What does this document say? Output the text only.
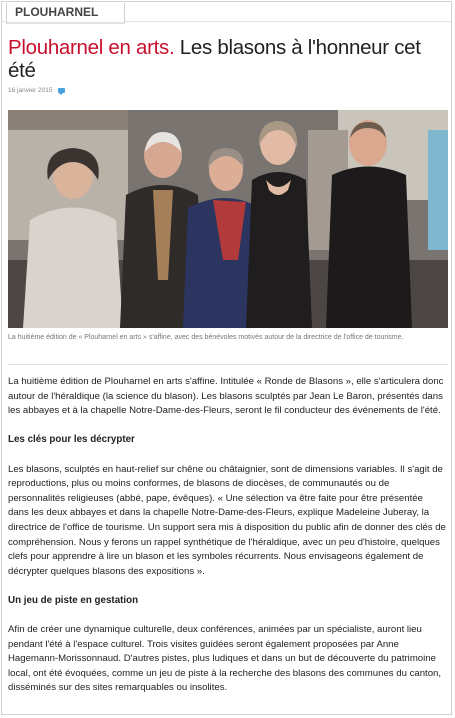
PLOUHARNEL
Plouharnel en arts. Les blasons à l'honneur cet été
16 janvier 2015
La huitième édition de « Plouharnel en arts » s'affine, avec des bénévoles motivés autour de la directrice de l'office de tourisme.

La huitième édition de Plouharnel en arts s'affine. Intitulée « Ronde de Blasons », elle s'articulera donc autour de l'héraldique (la science du blason). Les blasons sculptés par Jean Le Baron, présentés dans les abbayes et à la chapelle Notre-Dame-des-Fleurs, seront le fil conducteur des événements de l'été.

Les clés pour les décrypter

Les blasons, sculptés en haut-relief sur chêne ou châtaignier, sont de dimensions variables. Il s'agit de reproductions, plus ou moins conformes, de blasons de diocèses, de communautés ou de personnalités religieuses (abbé, pape, évêques). « Une sélection va être faite pour être présentée dans les deux abbayes et dans la chapelle Notre-Dame-des-Fleurs, explique Madeleine Juberay, la directrice de l'office de tourisme. Un support sera mis à disposition du public afin de donner des clés de compréhension. Nous y ferons un rappel synthétique de l'héraldique, avec un peu d'histoire, quelques clefs pour apprendre à lire un blason et les symboles récurrents. Nous envisageons également de décrypter quelques blasons des expositions ».

Un jeu de piste en gestation

Afin de créer une dynamique culturelle, deux conférences, animées par un spécialiste, auront lieu pendant l'été à l'espace culturel. Trois visites guidées seront également proposées par Anne Hagemann-Morissonnaud. D'autres pistes, plus ludiques et dans un but de découverte du patrimoine local, ont été évoquées, comme un jeu de piste à la recherche des blasons des communes du canton, disséminés sur des sites remarquables ou insolites.
